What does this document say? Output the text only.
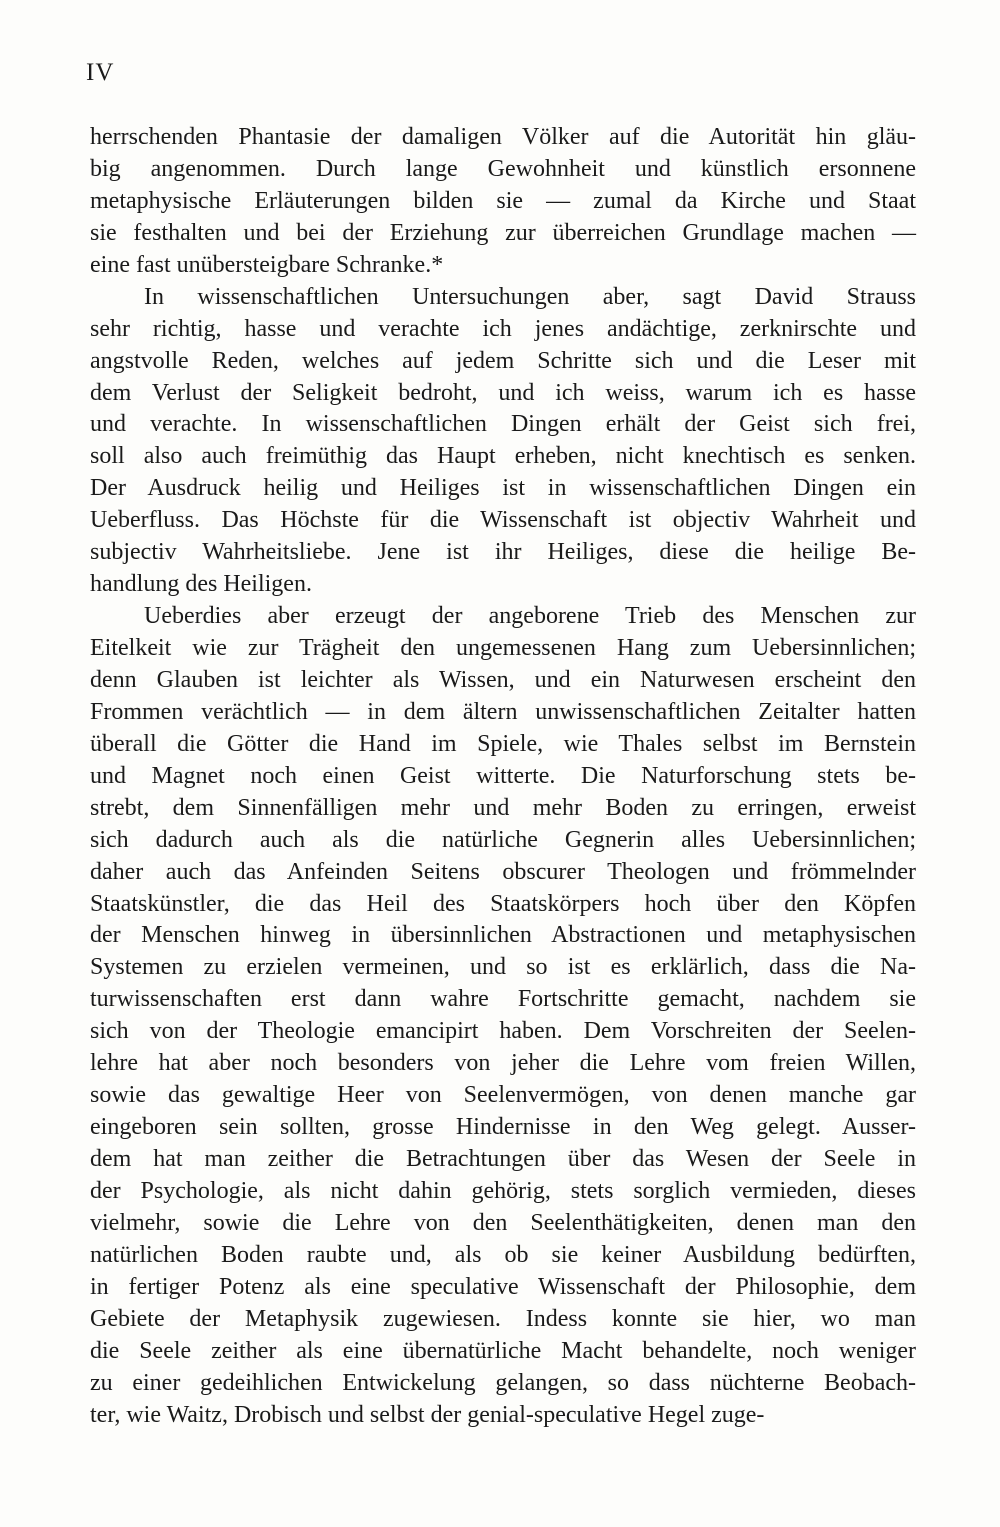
IV
herrschenden Phantasie der damaligen Völker auf die Autorität hin gläu-
big angenommen. Durch lange Gewohnheit und künstlich ersonnene
metaphysische Erläuterungen bilden sie — zumal da Kirche und Staat
sie festhalten und bei der Erziehung zur überreichen Grundlage machen —
eine fast unübersteigbare Schranke.*
In wissenschaftlichen Untersuchungen aber, sagt David Strauss
sehr richtig, hasse und verachte ich jenes andächtige, zerknirschte und
angstvolle Reden, welches auf jedem Schritte sich und die Leser mit
dem Verlust der Seligkeit bedroht, und ich weiss, warum ich es hasse
und verachte. In wissenschaftlichen Dingen erhält der Geist sich frei,
soll also auch freimüthig das Haupt erheben, nicht knechtisch es senken.
Der Ausdruck heilig und Heiliges ist in wissenschaftlichen Dingen ein
Ueberfluss. Das Höchste für die Wissenschaft ist objectiv Wahrheit und
subjectiv Wahrheitsliebe. Jene ist ihr Heiliges, diese die heilige Be-
handlung des Heiligen.
Ueberdies aber erzeugt der angeborene Trieb des Menschen zur
Eitelkeit wie zur Trägheit den ungemessenen Hang zum Uebersinnlichen;
denn Glauben ist leichter als Wissen, und ein Naturwesen erscheint den
Frommen verächtlich — in dem ältern unwissenschaftlichen Zeitalter hatten
überall die Götter die Hand im Spiele, wie Thales selbst im Bernstein
und Magnet noch einen Geist witterte. Die Naturforschung stets be-
strebt, dem Sinnenfälligen mehr und mehr Boden zu erringen, erweist
sich dadurch auch als die natürliche Gegnerin alles Uebersinnlichen;
daher auch das Anfeinden Seitens obscurer Theologen und frömmelnder
Staatskünstler, die das Heil des Staatskörpers hoch über den Köpfen
der Menschen hinweg in übersinnlichen Abstractionen und metaphysischen
Systemen zu erzielen vermeinen, und so ist es erklärlich, dass die Na-
turwissenschaften erst dann wahre Fortschritte gemacht, nachdem sie
sich von der Theologie emancipirt haben. Dem Vorschreiten der Seelen-
lehre hat aber noch besonders von jeher die Lehre vom freien Willen,
sowie das gewaltige Heer von Seelenvermögen, von denen manche gar
eingeboren sein sollten, grosse Hindernisse in den Weg gelegt. Ausser-
dem hat man zeither die Betrachtungen über das Wesen der Seele in
der Psychologie, als nicht dahin gehörig, stets sorglich vermieden, dieses
vielmehr, sowie die Lehre von den Seelenthätigkeiten, denen man den
natürlichen Boden raubte und, als ob sie keiner Ausbildung bedürften,
in fertiger Potenz als eine speculative Wissenschaft der Philosophie, dem
Gebiete der Metaphysik zugewiesen. Indess konnte sie hier, wo man
die Seele zeither als eine übernatürliche Macht behandelte, noch weniger
zu einer gedeihlichen Entwickelung gelangen, so dass nüchterne Beobach-
ter, wie Waitz, Drobisch und selbst der genial-speculative Hegel zuge-
